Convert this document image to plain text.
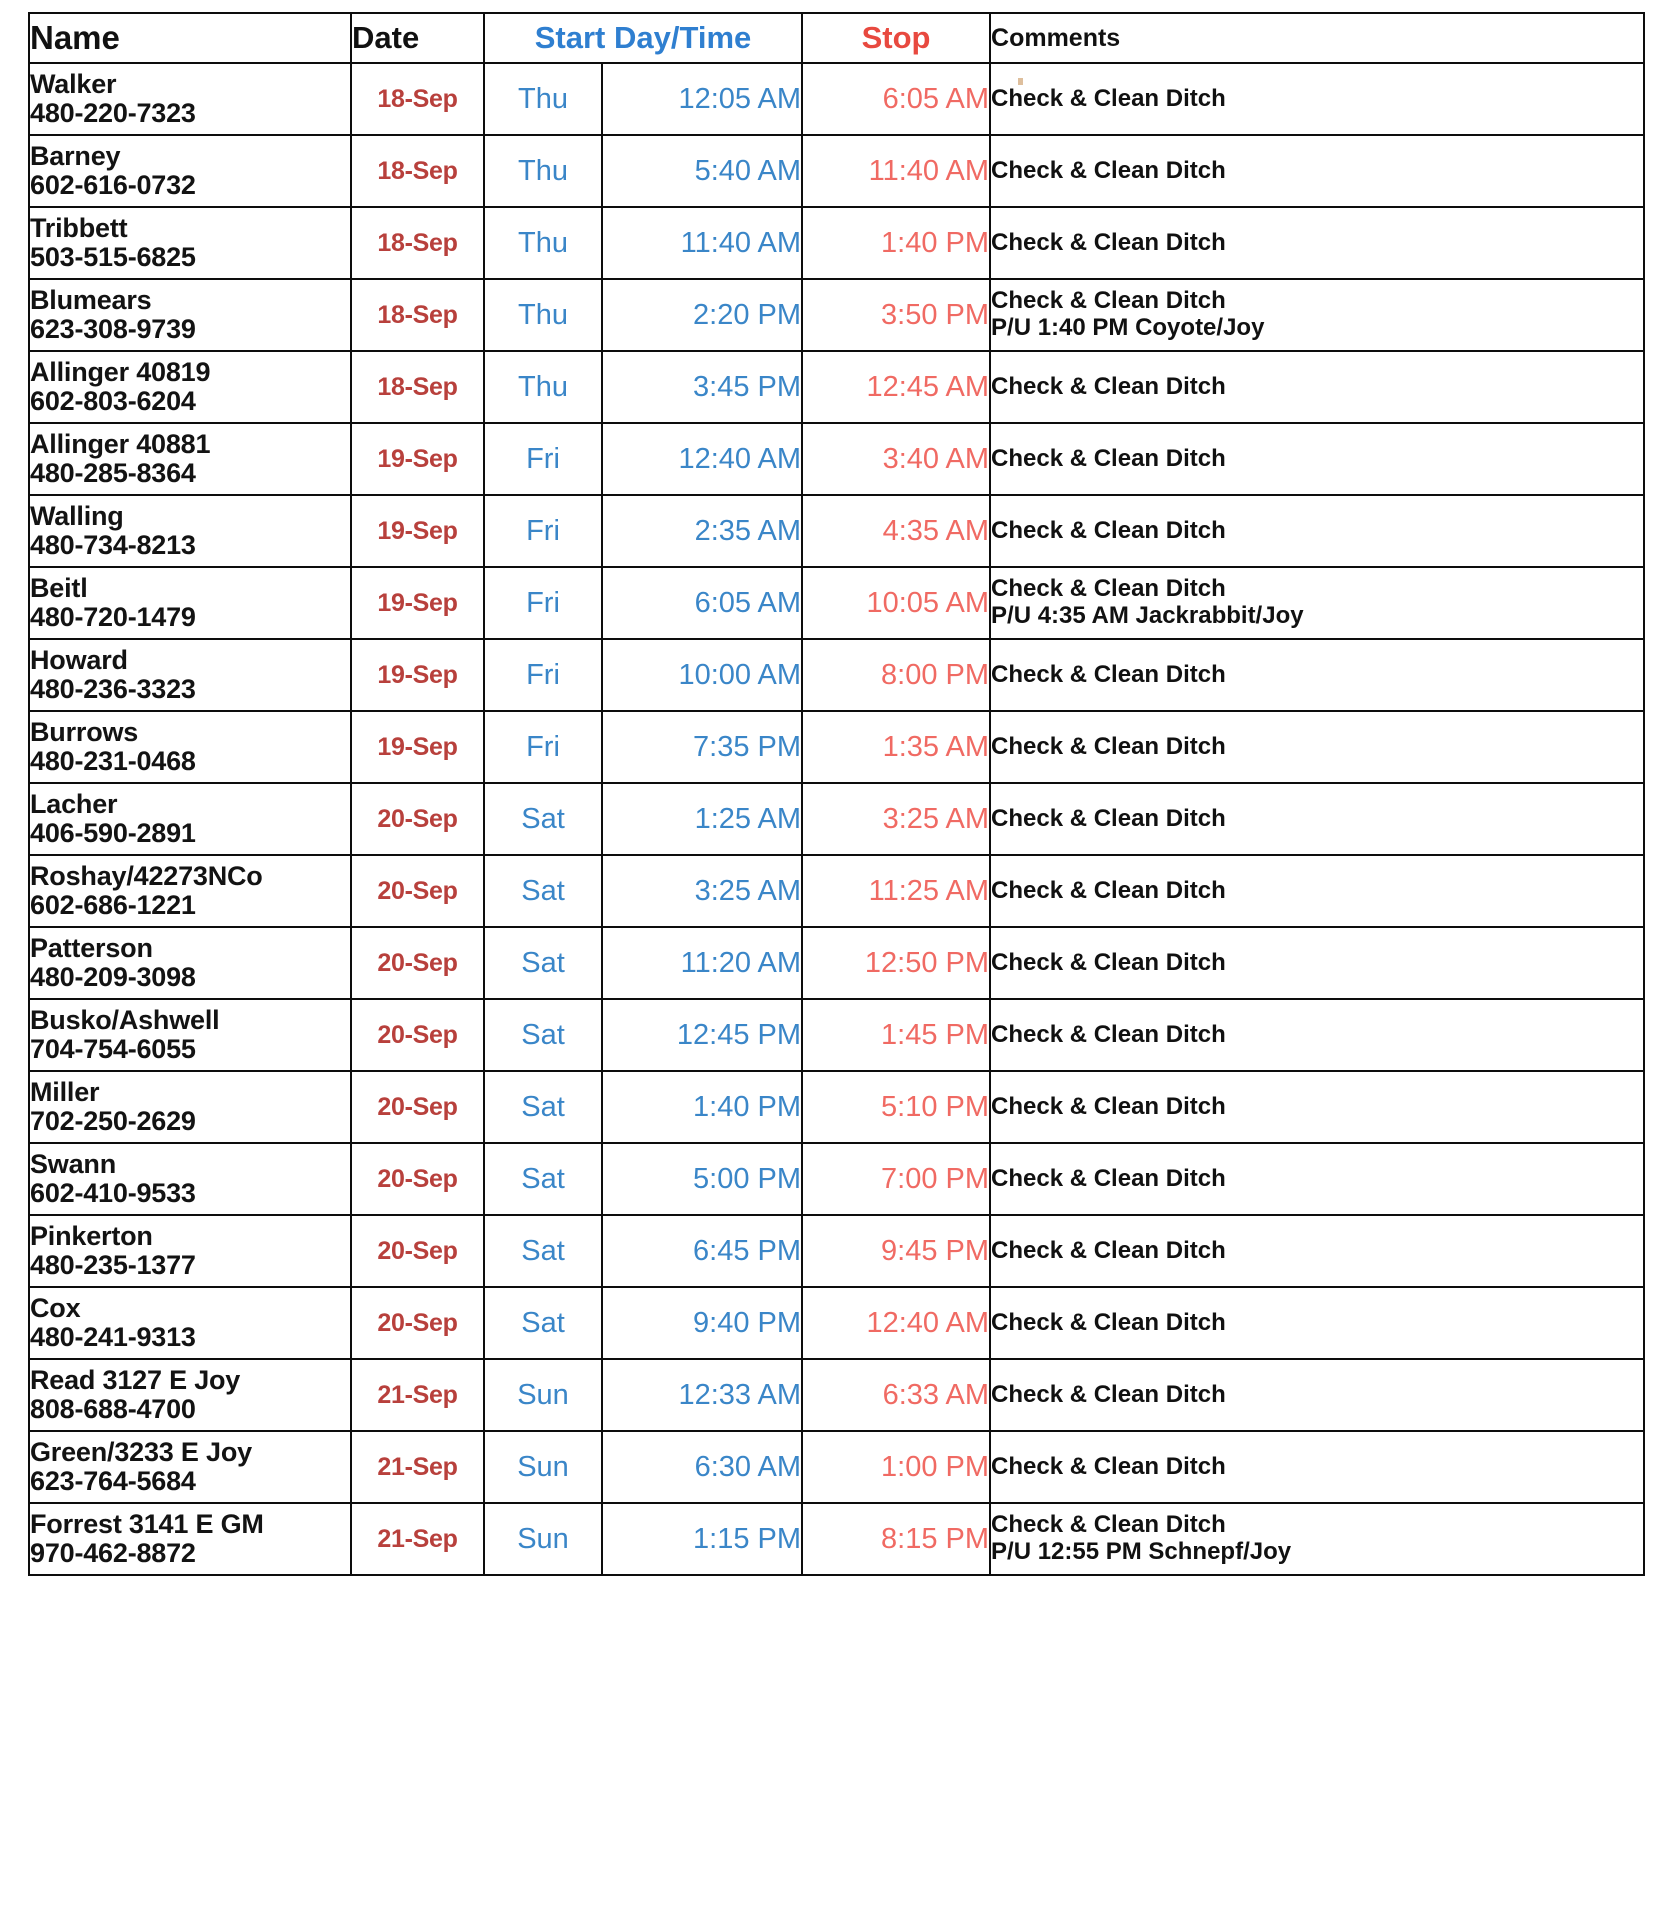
Name	Date	Start Day/Time		Stop	Comments

Walker
480-220-7323	18-Sep	Thu	12:05 AM	6:05 AM	Check & Clean Ditch

Barney
602-616-0732	18-Sep	Thu	5:40 AM	11:40 AM	Check & Clean Ditch

Tribbett
503-515-6825	18-Sep	Thu	11:40 AM	1:40 PM	Check & Clean Ditch

Blumears
623-308-9739	18-Sep	Thu	2:20 PM	3:50 PM	Check & Clean Ditch
P/U 1:40 PM Coyote/Joy

Allinger 40819
602-803-6204	18-Sep	Thu	3:45 PM	12:45 AM	Check & Clean Ditch

Allinger 40881
480-285-8364	19-Sep	Fri	12:40 AM	3:40 AM	Check & Clean Ditch

Walling
480-734-8213	19-Sep	Fri	2:35 AM	4:35 AM	Check & Clean Ditch

Beitl
480-720-1479	19-Sep	Fri	6:05 AM	10:05 AM	Check & Clean Ditch
P/U 4:35 AM Jackrabbit/Joy

Howard
480-236-3323	19-Sep	Fri	10:00 AM	8:00 PM	Check & Clean Ditch

Burrows
480-231-0468	19-Sep	Fri	7:35 PM	1:35 AM	Check & Clean Ditch

Lacher
406-590-2891	20-Sep	Sat	1:25 AM	3:25 AM	Check & Clean Ditch

Roshay/42273NCo
602-686-1221	20-Sep	Sat	3:25 AM	11:25 AM	Check & Clean Ditch

Patterson
480-209-3098	20-Sep	Sat	11:20 AM	12:50 PM	Check & Clean Ditch

Busko/Ashwell
704-754-6055	20-Sep	Sat	12:45 PM	1:45 PM	Check & Clean Ditch

Miller
702-250-2629	20-Sep	Sat	1:40 PM	5:10 PM	Check & Clean Ditch

Swann
602-410-9533	20-Sep	Sat	5:00 PM	7:00 PM	Check & Clean Ditch

Pinkerton
480-235-1377	20-Sep	Sat	6:45 PM	9:45 PM	Check & Clean Ditch

Cox
480-241-9313	20-Sep	Sat	9:40 PM	12:40 AM	Check & Clean Ditch

Read 3127 E Joy
808-688-4700	21-Sep	Sun	12:33 AM	6:33 AM	Check & Clean Ditch

Green/3233 E Joy
623-764-5684	21-Sep	Sun	6:30 AM	1:00 PM	Check & Clean Ditch

Forrest 3141 E GM
970-462-8872	21-Sep	Sun	1:15 PM	8:15 PM	Check & Clean Ditch
P/U 12:55 PM Schnepf/Joy
